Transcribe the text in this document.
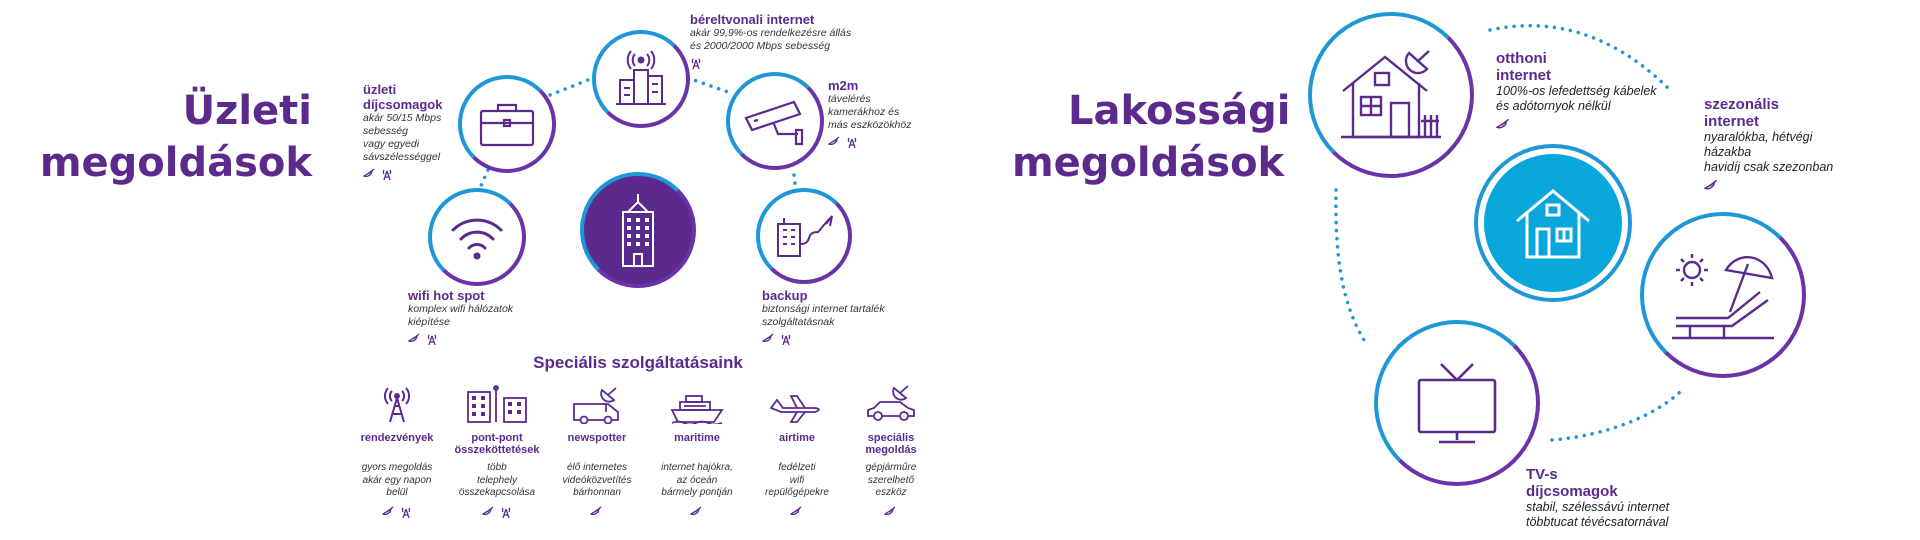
Üzleti
megoldások
béreltvonali internet
akár 99,9%-os rendelkezésre állás
és 2000/2000 Mbps sebesség
üzleti
díjcsomagok
akár 50/15 Mbps
sebesség
vagy egyedi
sávszélességgel
m2m
távelérés
kamerákhoz és
más eszközökhöz
wifi hot spot
komplex wifi hálózatok
kiépítése
backup
biztonsági internet tartalék
szolgáltatásnak
Speciális szolgáltatásaink
rendezvények
gyors megoldás
akár egy napon
belül
pont-pont
összeköttetések
több
telephely
összekapcsolása
newspotter
élő internetes
videóközvetítés
bárhonnan
maritime
internet hajókra,
az óceán
bármely pontján
airtime
fedélzeti
wifi
repülőgépekre
speciális
megoldás
gépjárműre
szerelhető
eszköz
Lakossági
megoldások
otthoni
internet
100%-os lefedettség kábelek
és adótornyok nélkül	szezonális
internet
nyaralókba, hétvégi
házakba
havidíj csak szezonban
TV-s
díjcsomagok
stabil, szélessávú internet
többtucat tévécsatornával
